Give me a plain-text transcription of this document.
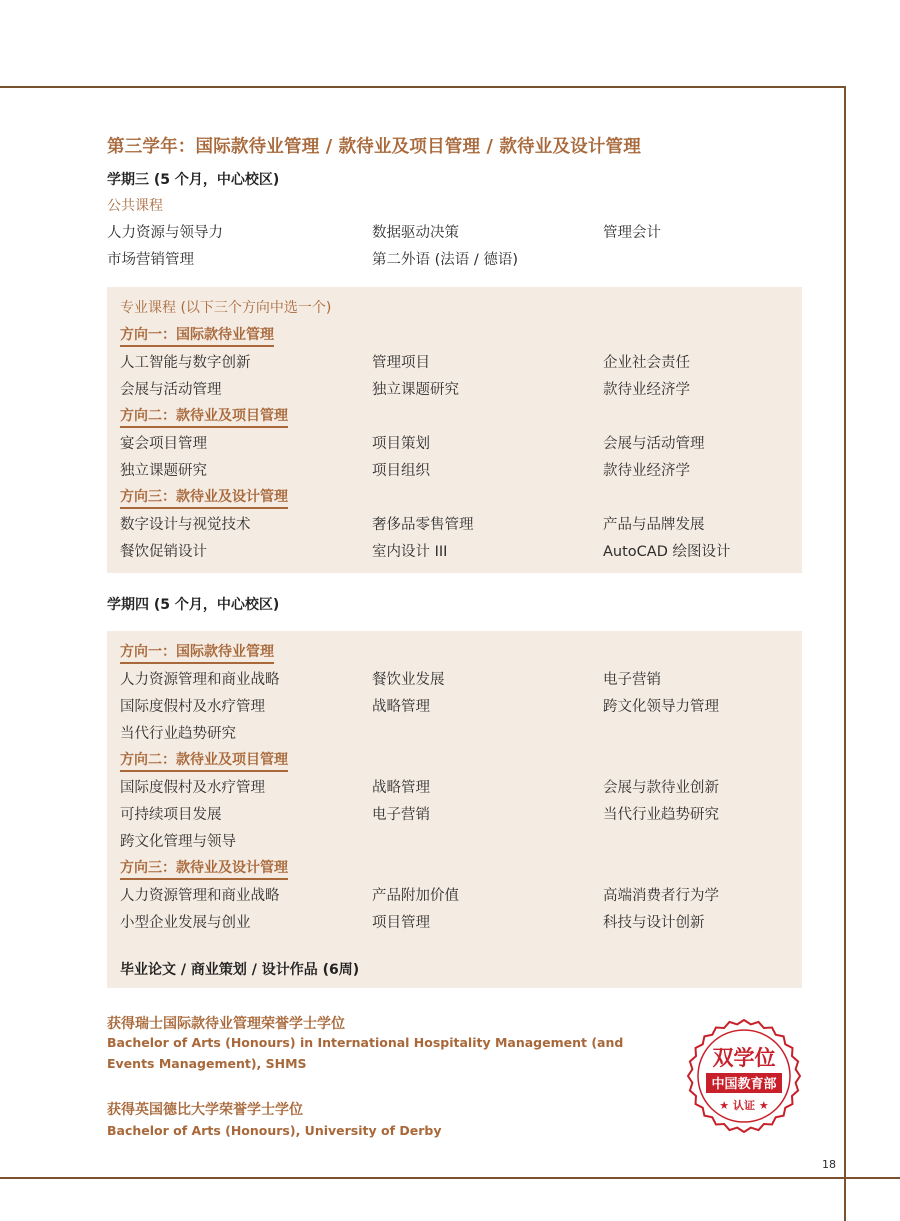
第三学年：国际款待业管理 / 款待业及项目管理 / 款待业及设计管理
学期三 (5 个月，中心校区)
公共课程
人力资源与领导力	数据驱动决策	管理会计
市场营销管理	第二外语 (法语 / 德语)
专业课程 (以下三个方向中选一个)
方向一：国际款待业管理
人工智能与数字创新	管理项目	企业社会责任
会展与活动管理	独立课题研究	款待业经济学
方向二：款待业及项目管理
宴会项目管理	项目策划	会展与活动管理
独立课题研究	项目组织	款待业经济学
方向三：款待业及设计管理
数字设计与视觉技术	奢侈品零售管理	产品与品牌发展
餐饮促销设计	室内设计 III	AutoCAD 绘图设计
学期四 (5 个月，中心校区)
方向一：国际款待业管理
人力资源管理和商业战略	餐饮业发展	电子营销
国际度假村及水疗管理	战略管理	跨文化领导力管理
当代行业趋势研究
方向二：款待业及项目管理
国际度假村及水疗管理	战略管理	会展与款待业创新
可持续项目发展	电子营销	当代行业趋势研究
跨文化管理与领导
方向三：款待业及设计管理
人力资源管理和商业战略	产品附加价值	高端消费者行为学
小型企业发展与创业	项目管理	科技与设计创新
毕业论文 / 商业策划 / 设计作品 (6周)
获得瑞士国际款待业管理荣誉学士学位
Bachelor of Arts (Honours) in International Hospitality Management (and Events Management), SHMS
获得英国德比大学荣誉学士学位
Bachelor of Arts (Honours), University of Derby
双学位
中国教育部
★ 认证 ★
18
